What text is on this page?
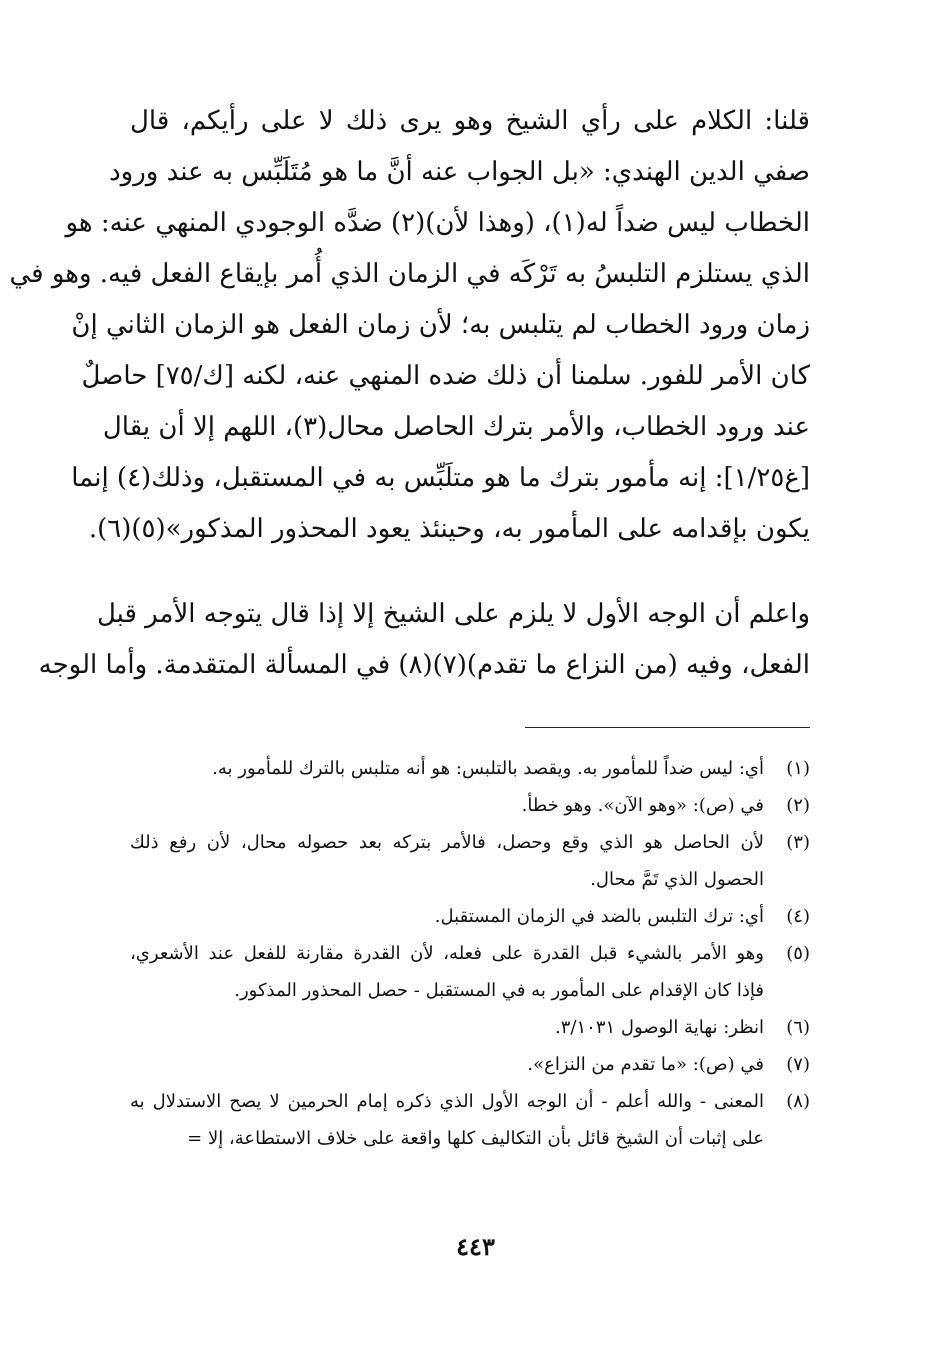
قلنا: الكلام على رأي الشيخ وهو يرى ذلك لا على رأيكم، قال
صفي الدين الهندي: «بل الجواب عنه أنَّ ما هو مُتَلَبِّس به عند ورود
الخطاب ليس ضداً له(١)، (وهذا لأن)(٢) ضدَّه الوجودي المنهي عنه: هو
الذي يستلزم التلبسُ به تَرْكَه في الزمان الذي أُمر بإيقاع الفعل فيه. وهو في
زمان ورود الخطاب لم يتلبس به؛ لأن زمان الفعل هو الزمان الثاني إنْ
كان الأمر للفور. سلمنا أن ذلك ضده المنهي عنه، لكنه [ك/٧٥] حاصلٌ
عند ورود الخطاب، والأمر بترك الحاصل محال(٣)، اللهم إلا أن يقال
[غ١/٢٥]: إنه مأمور بترك ما هو متلَبِّس به في المستقبل، وذلك(٤) إنما
يكون بإقدامه على المأمور به، وحينئذ يعود المحذور المذكور»(٥)(٦).
واعلم أن الوجه الأول لا يلزم على الشيخ إلا إذا قال يتوجه الأمر قبل
الفعل، وفيه (من النزاع ما تقدم)(٧)(٨) في المسألة المتقدمة. وأما الوجه
(١)أي: ليس ضداً للمأمور به. ويقصد بالتلبس: هو أنه متلبس بالترك للمأمور به.
(٢)في (ص): «وهو الآن». وهو خطأ.
(٣)لأن الحاصل هو الذي وقع وحصل، فالأمر بتركه بعد حصوله محال، لأن رفع ذلك
الحصول الذي تَمَّ محال.
(٤)أي: ترك التلبس بالضد في الزمان المستقبل.
(٥)وهو الأمر بالشيء قبل القدرة على فعله، لأن القدرة مقارنة للفعل عند الأشعري،
فإذا كان الإقدام على المأمور به في المستقبل - حصل المحذور المذكور.
(٦)انظر: نهاية الوصول ٣/١٠٣١.
(٧)في (ص): «ما تقدم من النزاع».
(٨)المعنى - والله أعلم - أن الوجه الأول الذي ذكره إمام الحرمين لا يصح الاستدلال به
على إثبات أن الشيخ قائل بأن التكاليف كلها واقعة على خلاف الاستطاعة، إلا =
٤٤٣
